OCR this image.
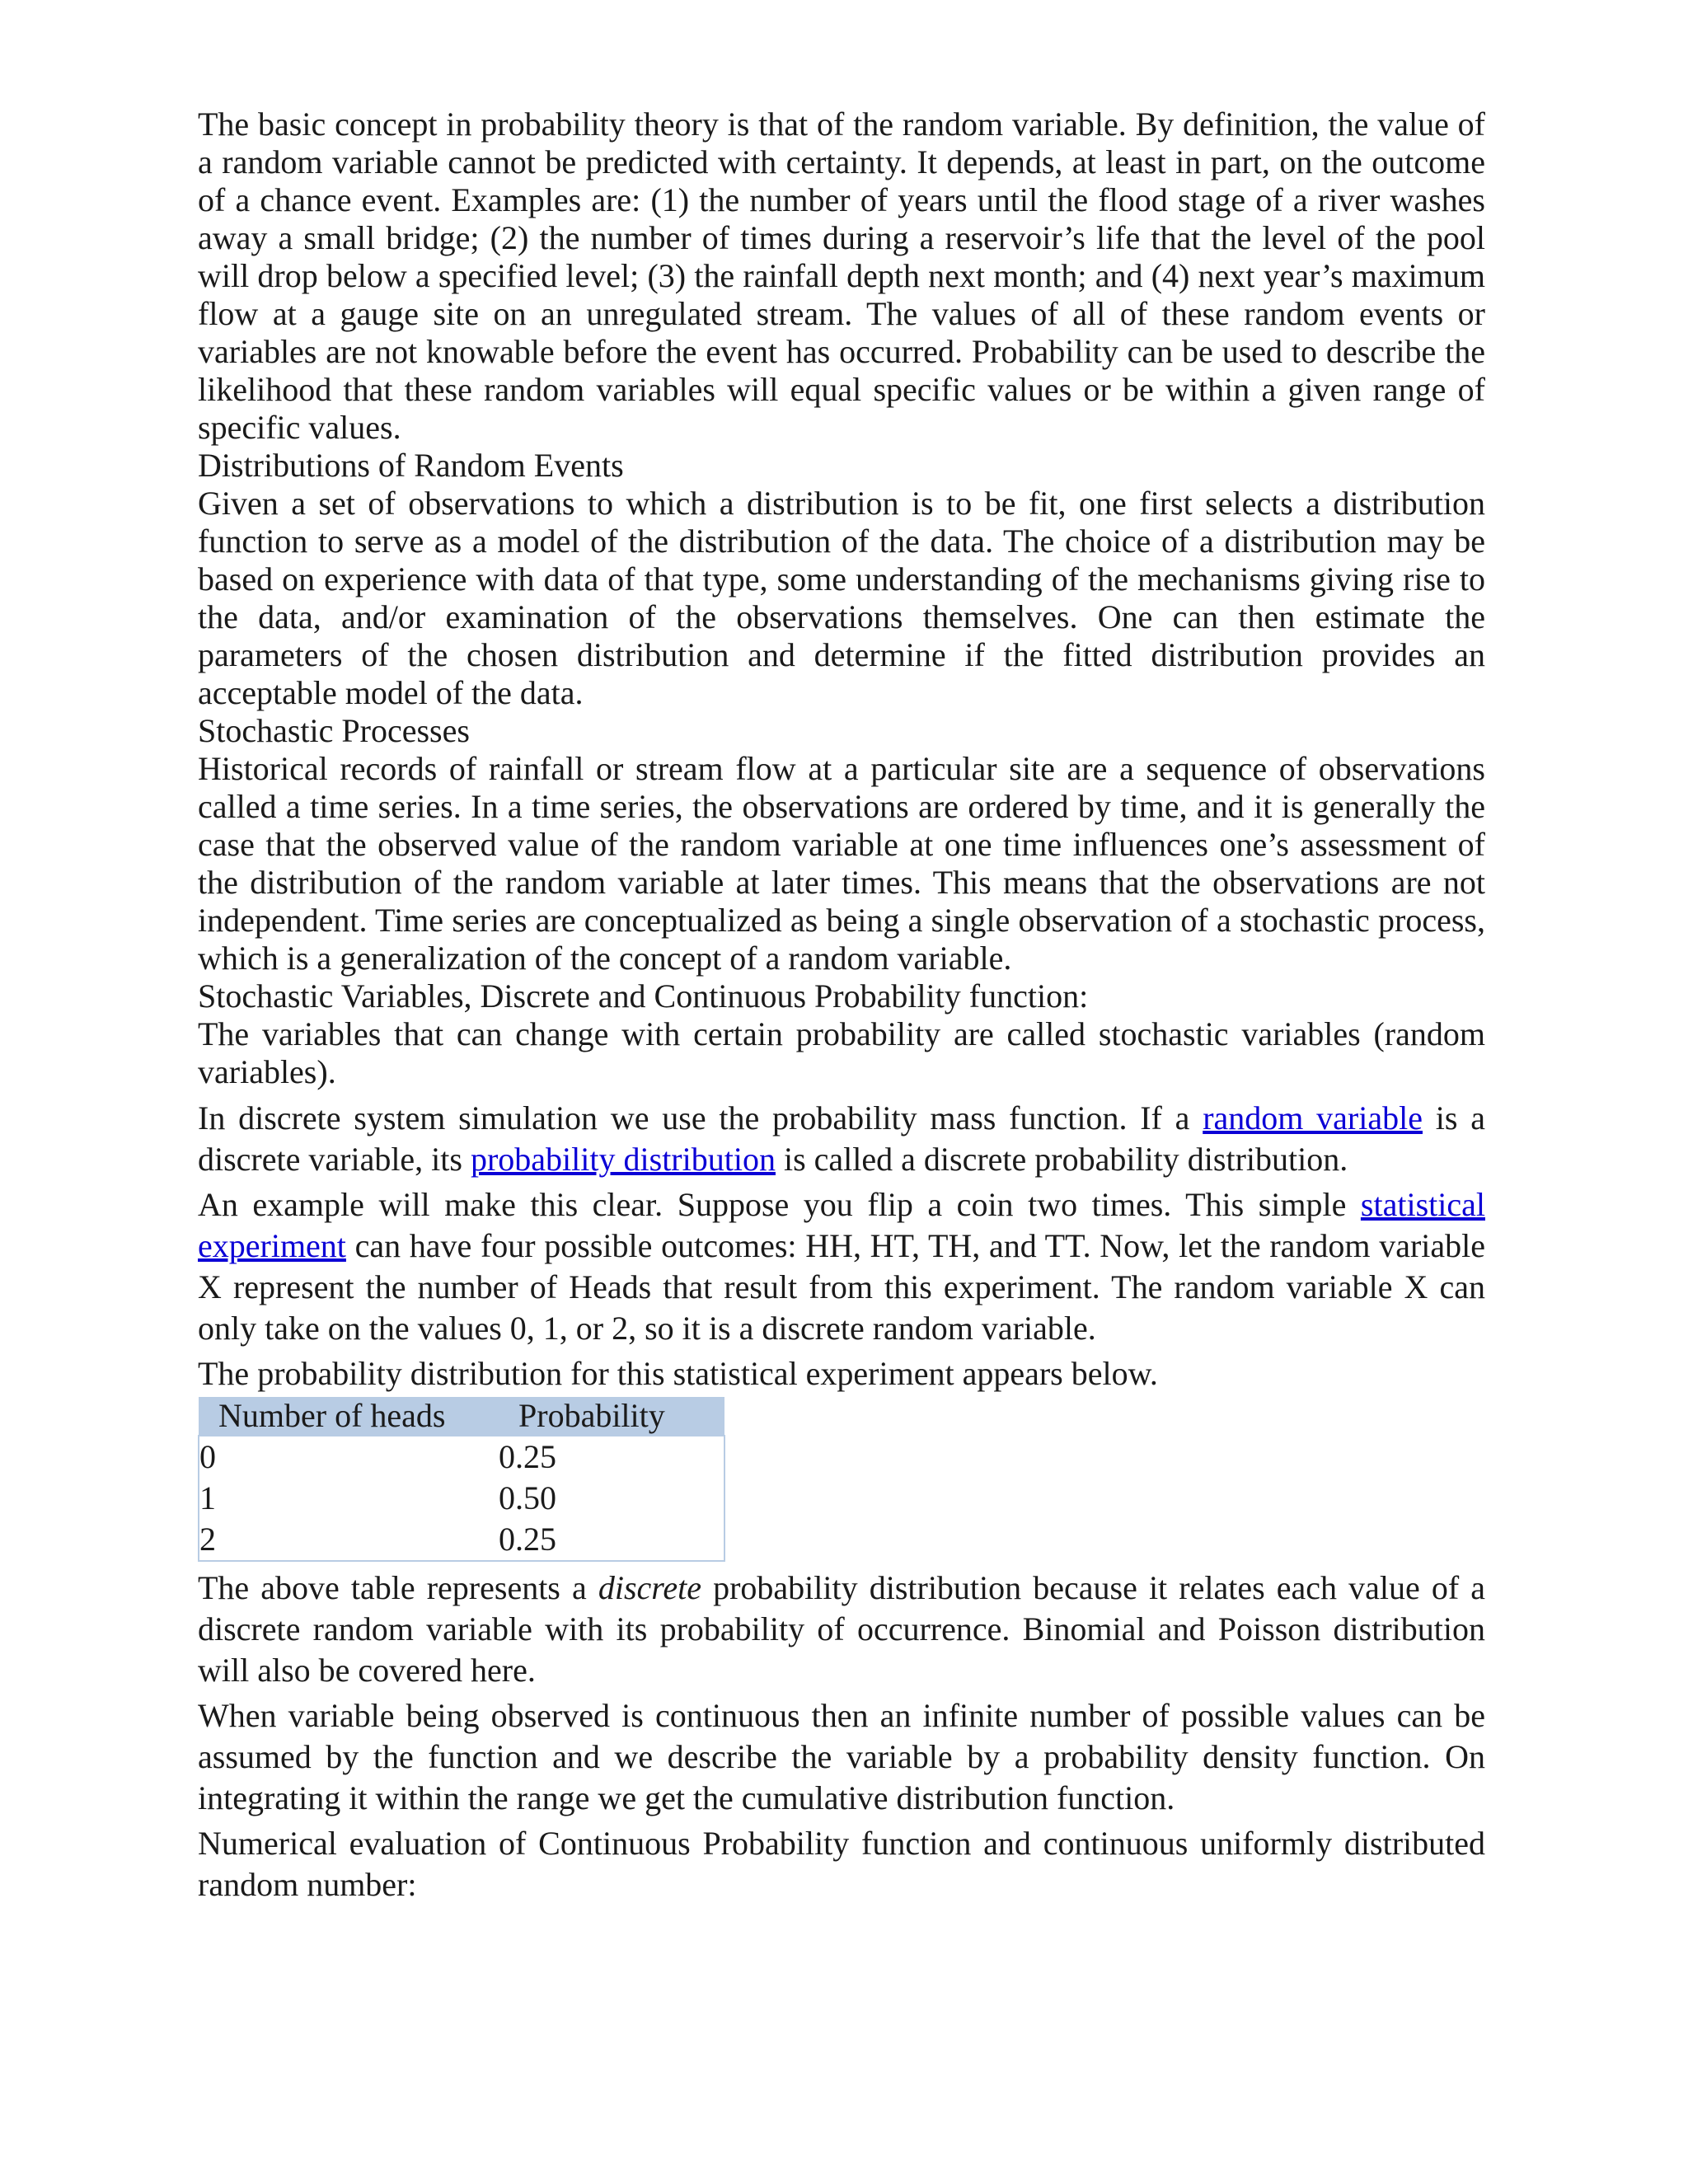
The basic concept in probability theory is that of the random variable. By definition, the value of a random variable cannot be predicted with certainty. It depends, at least in part, on the outcome of a chance event. Examples are: (1) the number of years until the flood stage of a river washes away a small bridge; (2) the number of times during a reservoir’s life that the level of the pool will drop below a specified level; (3) the rainfall depth next month; and (4) next year’s maximum flow at a gauge site on an unregulated stream. The values of all of these random events or variables are not knowable before the event has occurred. Probability can be used to describe the likelihood that these random variables will equal specific values or be within a given range of specific values.

Distributions of Random Events

Given a set of observations to which a distribution is to be fit, one first selects a distribution function to serve as a model of the distribution of the data. The choice of a distribution may be based on experience with data of that type, some understanding of the mechanisms giving rise to the data, and/or examination of the observations themselves. One can then estimate the parameters of the chosen distribution and determine if the fitted distribution provides an acceptable model of the data.

Stochastic Processes

Historical records of rainfall or stream flow at a particular site are a sequence of observations called a time series. In a time series, the observations are ordered by time, and it is generally the case that the observed value of the random variable at one time influences one’s assessment of the distribution of the random variable at later times. This means that the observations are not independent. Time series are conceptualized as being a single observation of a stochastic process, which is a generalization of the concept of a random variable.

Stochastic Variables, Discrete and Continuous Probability function:

The variables that can change with certain probability are called stochastic variables (random variables).

In discrete system simulation we use the probability mass function. If a random variable is a discrete variable, its probability distribution is called a discrete probability distribution.

An example will make this clear. Suppose you flip a coin two times. This simple statistical experiment can have four possible outcomes: HH, HT, TH, and TT. Now, let the random variable X represent the number of Heads that result from this experiment. The random variable X can only take on the values 0, 1, or 2, so it is a discrete random variable.

The probability distribution for this statistical experiment appears below.

Number of heads	Probability
0	0.25
1	0.50
2	0.25

The above table represents a discrete probability distribution because it relates each value of a discrete random variable with its probability of occurrence. Binomial and Poisson distribution will also be covered here.

When variable being observed is continuous then an infinite number of possible values can be assumed by the function and we describe the variable by a probability density function. On integrating it within the range we get the cumulative distribution function.

Numerical evaluation of Continuous Probability function and continuous uniformly distributed random number:
